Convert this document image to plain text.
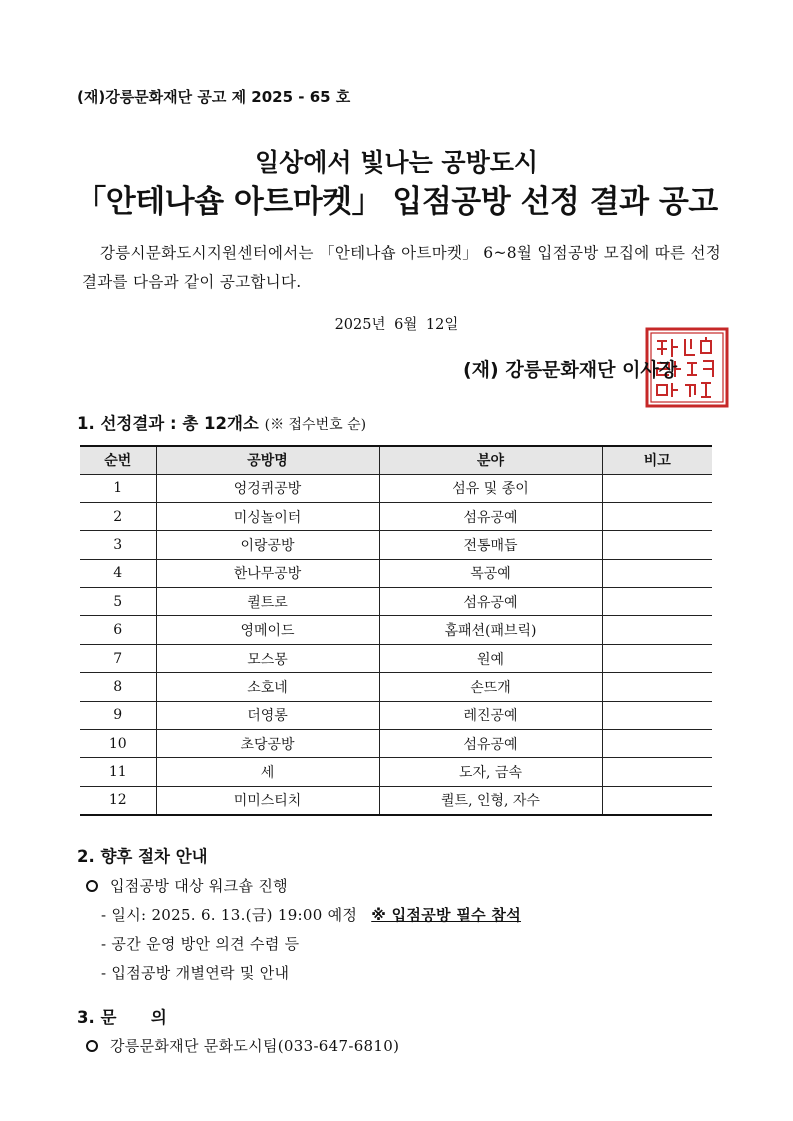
(재)강릉문화재단 공고 제 2025 - 65 호
일상에서 빛나는 공방도시
「안테나숍 아트마켓」 입점공방 선정 결과 공고

강릉시문화도시지원센터에서는 「안테나숍 아트마켓」 6~8월 입점공방 모집에 따른 선정결과를 다음과 같이 공고합니다.

2025년 6월 12일
(재) 강릉문화재단 이사장
1. 선정결과 : 총 12개소 (※ 접수번호 순)
순번	공방명	분야	비고
1	엉겅퀴공방	섬유 및 종이	
2	미싱놀이터	섬유공예	
3	이랑공방	전통매듭	
4	한나무공방	목공예	
5	퀼트로	섬유공예	
6	영메이드	홈패션(패브릭)	
7	모스몽	원예	
8	소호네	손뜨개	
9	더영롱	레진공예	
10	초당공방	섬유공예	
11	세	도자, 금속	
12	미미스티치	퀼트, 인형, 자수	
2. 향후 절차 안내
입점공방 대상 워크숍 진행
- 일시: 2025. 6. 13.(금) 19:00 예정 ※ 입점공방 필수 참석
- 공간 운영 방안 의견 수렴 등
- 입점공방 개별연락 및 안내
3. 문      의
강릉문화재단 문화도시팀(033-647-6810)
